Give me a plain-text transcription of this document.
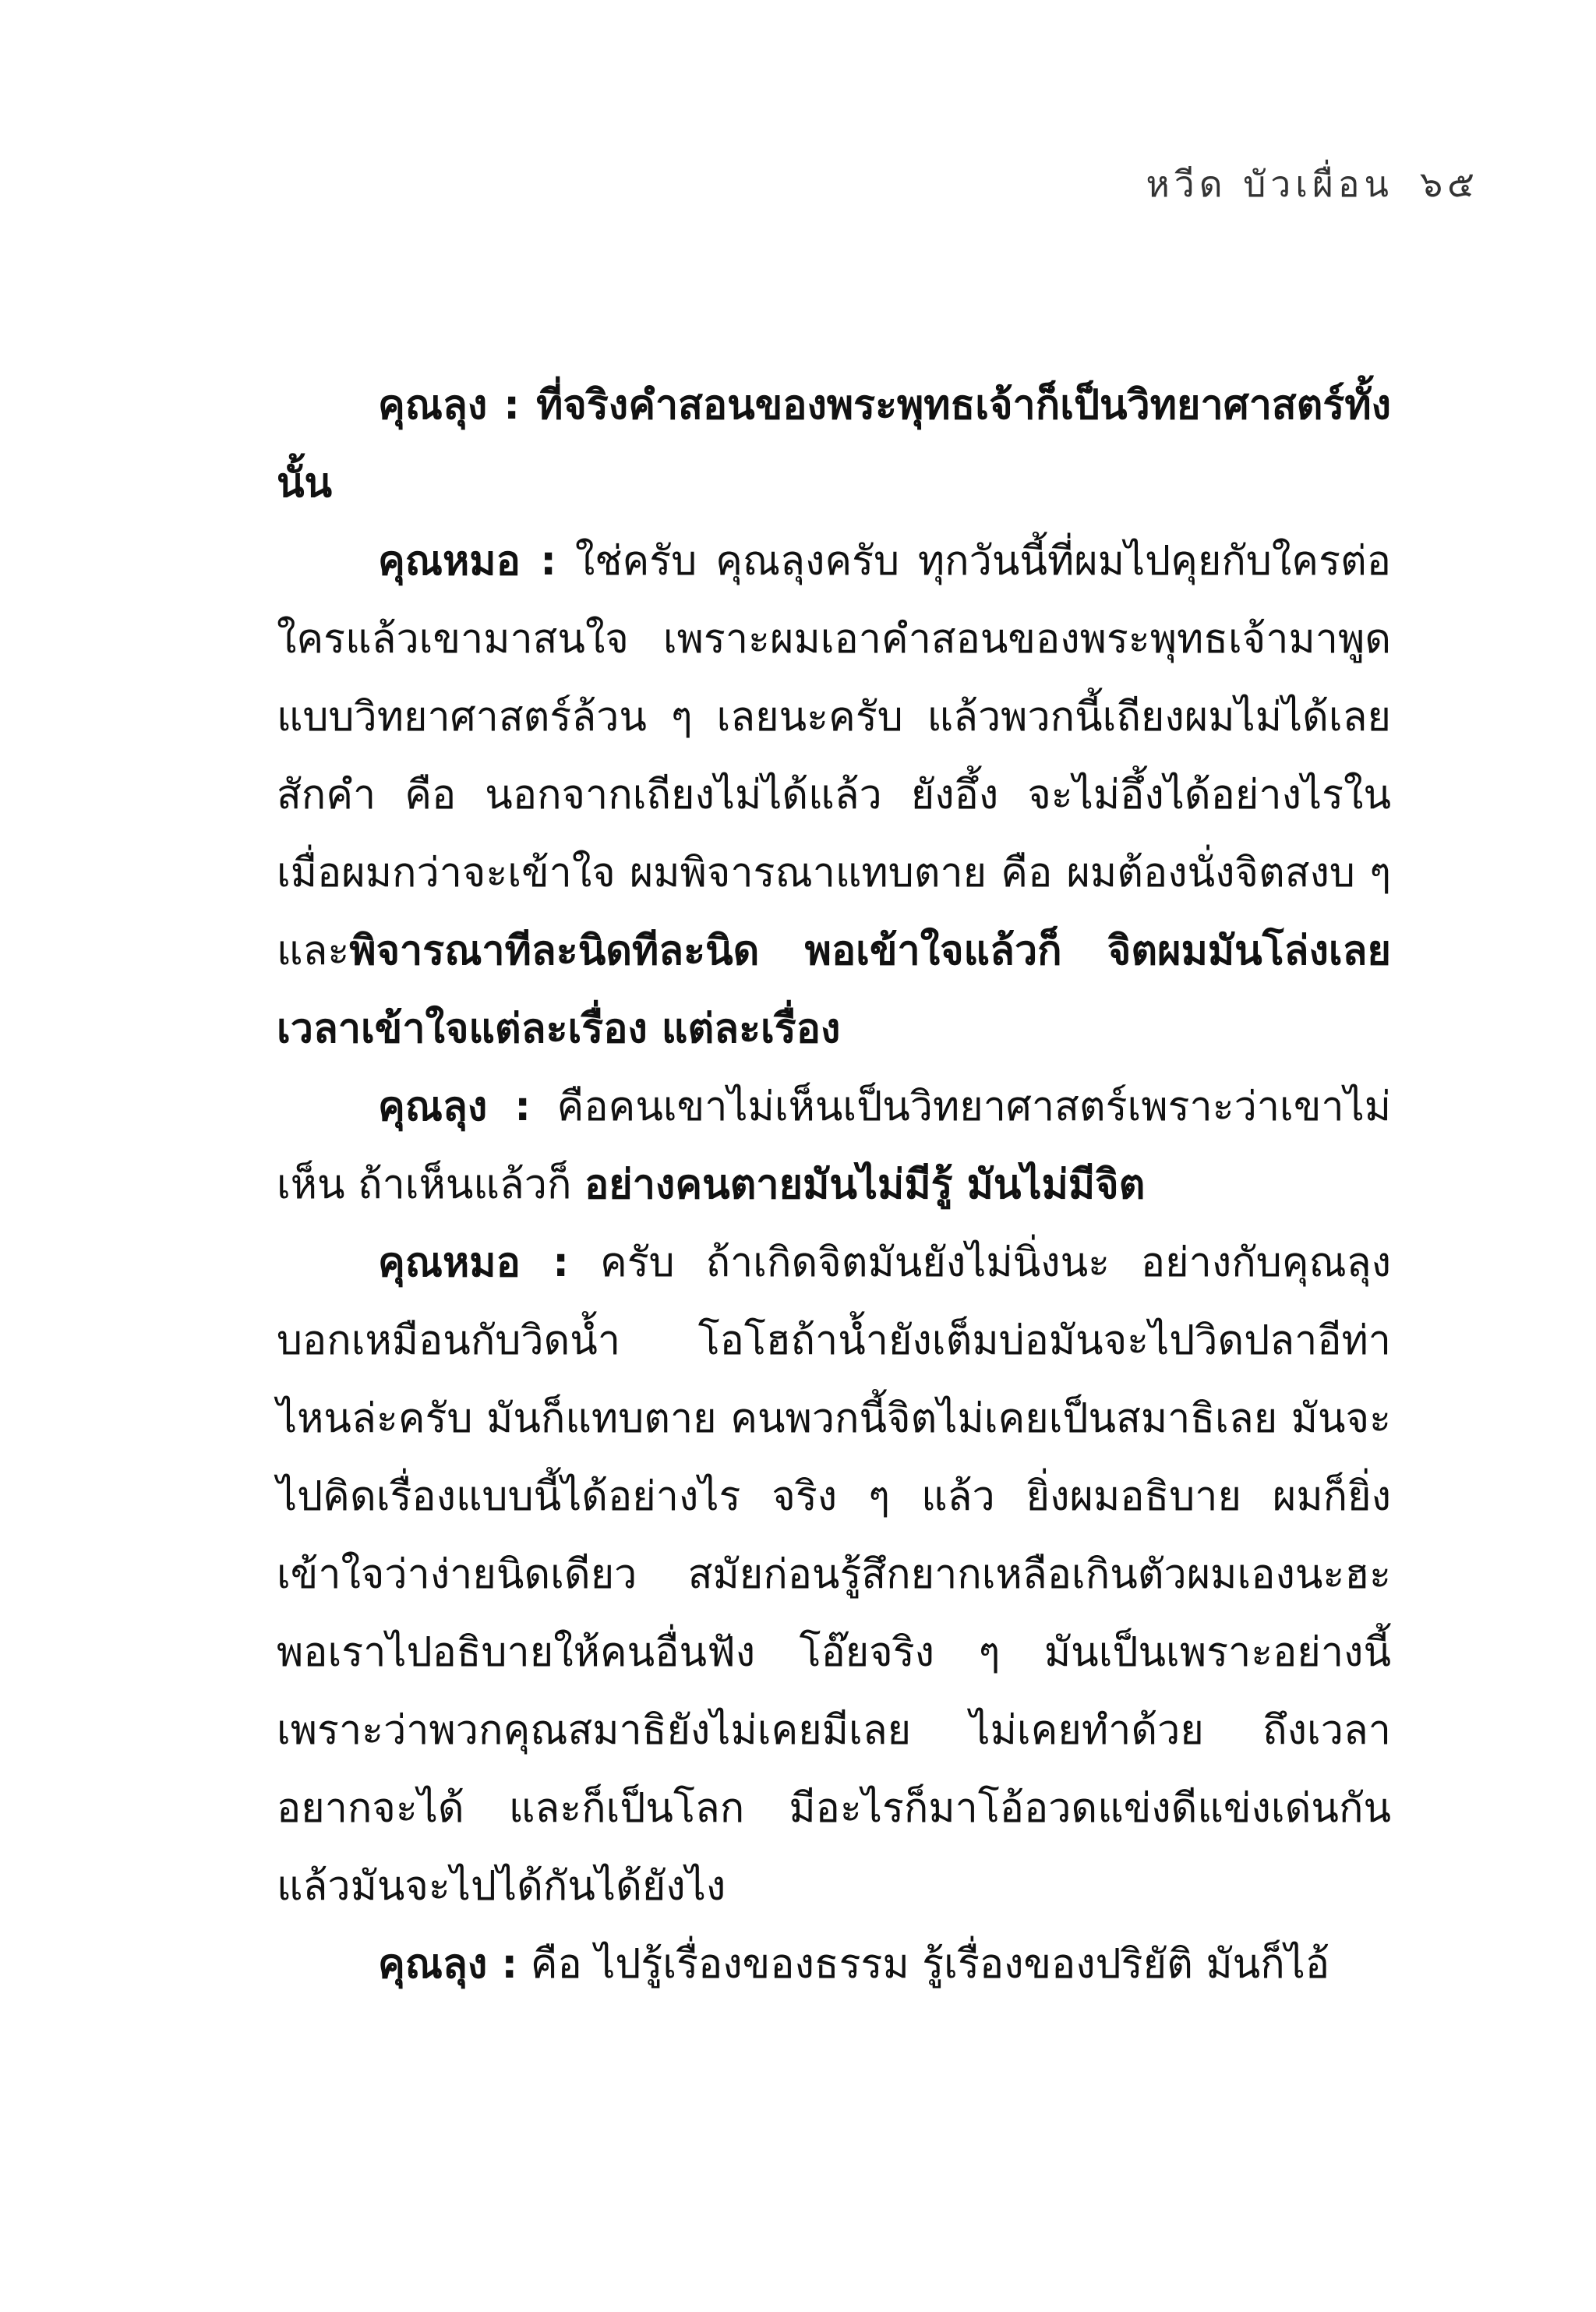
หวีด บัวเผื่อน ๖๕

คุณลุง : ที่จริงคำสอนของพระพุทธเจ้าก็เป็นวิทยาศาสตร์ทั้งนั้น

คุณหมอ : ใช่ครับ คุณลุงครับ ทุกวันนี้ที่ผมไปคุยกับใครต่อใครแล้วเขามาสนใจ เพราะผมเอาคำสอนของพระพุทธเจ้ามาพูดแบบวิทยาศาสตร์ล้วน ๆ เลยนะครับ แล้วพวกนี้เถียงผมไม่ได้เลยสักคำ คือ นอกจากเถียงไม่ได้แล้ว ยังอึ้ง จะไม่อึ้งได้อย่างไรในเมื่อผมกว่าจะเข้าใจ ผมพิจารณาแทบตาย คือ ผมต้องนั่งจิตสงบ ๆ และพิจารณาทีละนิดทีละนิด พอเข้าใจแล้วก็ จิตผมมันโล่งเลยเวลาเข้าใจแต่ละเรื่อง แต่ละเรื่อง

คุณลุง : คือคนเขาไม่เห็นเป็นวิทยาศาสตร์เพราะว่าเขาไม่เห็น ถ้าเห็นแล้วก็ อย่างคนตายมันไม่มีรู้ มันไม่มีจิต

คุณหมอ : ครับ ถ้าเกิดจิตมันยังไม่นิ่งนะ อย่างกับคุณลุงบอกเหมือนกับวิดน้ำ โอโฮถ้าน้ำยังเต็มบ่อมันจะไปวิดปลาอีท่าไหนล่ะครับ มันก็แทบตาย คนพวกนี้จิตไม่เคยเป็นสมาธิเลย มันจะไปคิดเรื่องแบบนี้ได้อย่างไร จริง ๆ แล้ว ยิ่งผมอธิบาย ผมก็ยิ่งเข้าใจว่าง่ายนิดเดียว สมัยก่อนรู้สึกยากเหลือเกินตัวผมเองนะฮะ พอเราไปอธิบายให้คนอื่นฟัง โอ๊ยจริง ๆ มันเป็นเพราะอย่างนี้ เพราะว่าพวกคุณสมาธิยังไม่เคยมีเลย ไม่เคยทำด้วย ถึงเวลาอยากจะได้ และก็เป็นโลก มีอะไรก็มาโอ้อวดแข่งดีแข่งเด่นกันแล้วมันจะไปได้กันได้ยังไง

คุณลุง : คือ ไปรู้เรื่องของธรรม รู้เรื่องของปริยัติ มันก็ไอ้
